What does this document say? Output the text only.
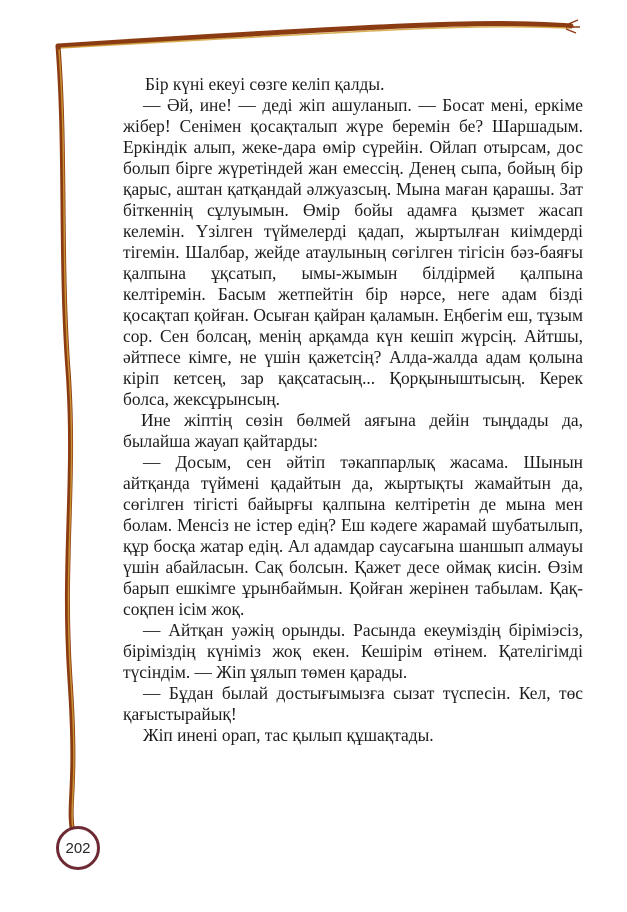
Бір күні екеуі сөзге келіп қалды.

— Әй, ине! — деді жіп ашуланып. — Босат мені, еркіме жібер! Сенімен қосақталып жүре беремін бе? Шаршадым. Еркіндік алып, жеке-дара өмір сүрейін. Ойлап отырсам, дос болып бірге жүретіндей жан емессің. Денең сыпа, бойың бір қарыс, аштан қатқандай әлжуазсың. Мына маған қарашы. Зат біткеннің сұлуымын. Өмір бойы адамға қызмет жасап келемін. Үзілген түймелерді қадап, жыртылған киімдерді тігемін. Шалбар, жейде атаулының сөгілген тігісін бәз-баяғы қалпына ұқсатып, ымы-жымын білдірмей қалпына келтіремін. Басым жетпейтін бір нәрсе, неге адам бізді қосақтап қойған. Осыған қайран қаламын. Еңбегім еш, тұзым сор. Сен болсаң, менің арқамда күн кешіп жүрсің. Айтшы, әйтпесе кімге, не үшін қажетсің? Алда-жалда адам қолына кіріп кетсең, зар қақсатасың... Қорқыныштысың. Керек болса, жексұрынсың.

Ине жіптің сөзін бөлмей аяғына дейін тыңдады да, былайша жауап қайтарды:

— Досым, сен әйтіп тәкаппарлық жасама. Шынын айтқанда түймені қадайтын да, жыртықты жамайтын да, сөгілген тігісті байырғы қалпына келтіретін де мына мен болам. Менсіз не істер едің? Еш кәдеге жарамай шубатылып, құр босқа жатар едің. Ал адамдар саусағына шаншып алмауы үшін абайласын. Сақ болсын. Қажет десе оймақ кисін. Өзім барып ешкімге ұрынбаймын. Қойған жерінен табылам. Қақ-соқпен ісім жоқ.

— Айтқан уәжің орынды. Расында екеуміздің біріміэсіз, біріміздің күніміз жоқ екен. Кешірім өтінем. Қателігімді түсіндім. — Жіп ұялып төмен қарады.

— Бұдан былай достығымызға сызат түспесін. Кел, төс қағыстырайық!

Жіп инені орап, тас қылып құшақтады.

202
